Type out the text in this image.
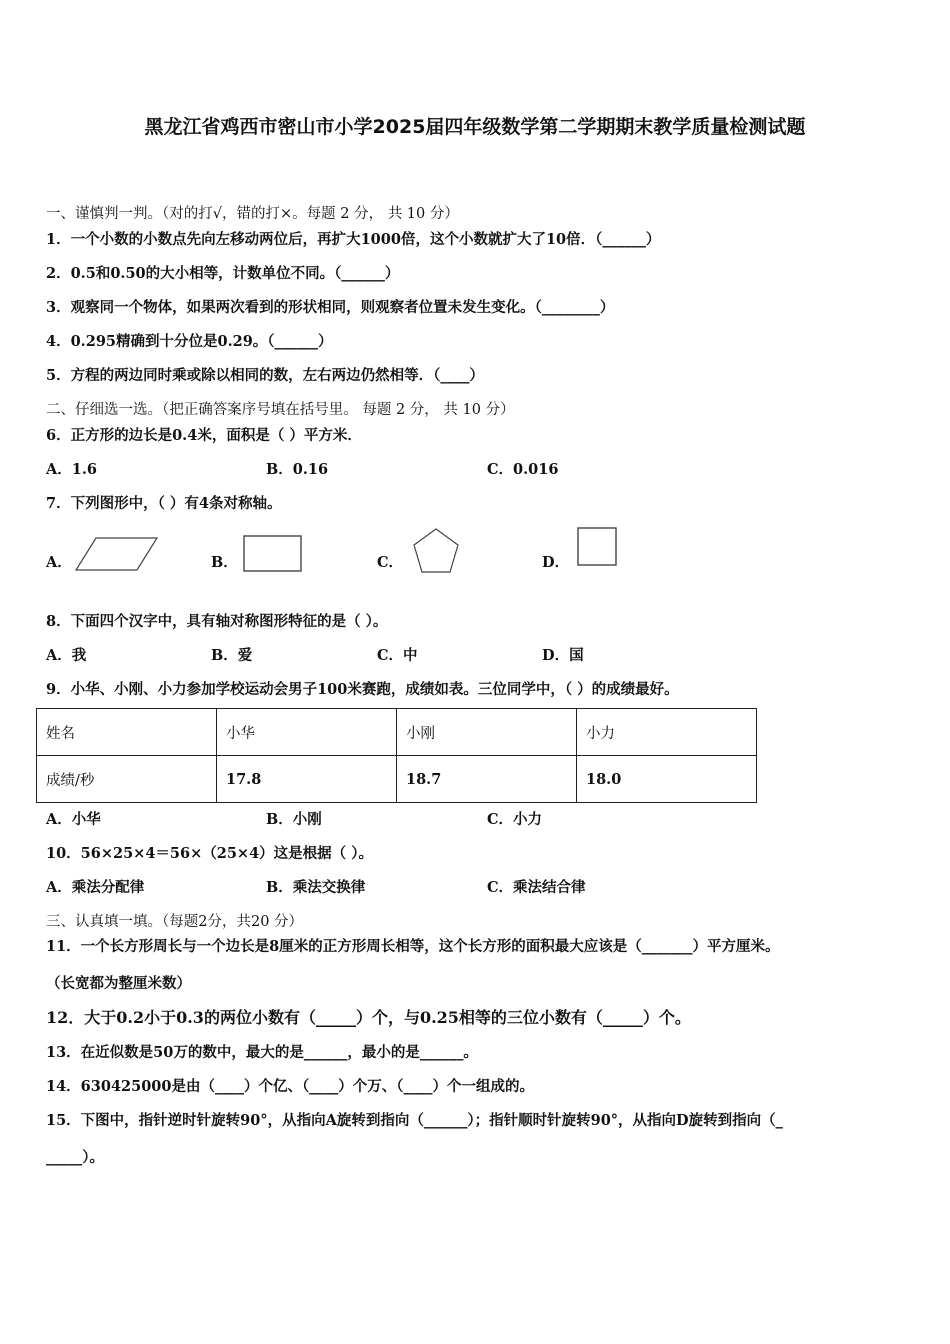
黑龙江省鸡西市密山市小学2025届四年级数学第二学期期末教学质量检测试题
一、谨慎判一判。（对的打√，错的打×。每题 2 分， 共 10 分）
1．一个小数的小数点先向左移动两位后，再扩大1000倍，这个小数就扩大了10倍．（______）
2．0.5和0.50的大小相等，计数单位不同。（______）
3．观察同一个物体，如果两次看到的形状相同，则观察者位置未发生变化。（________）
4．0.295精确到十分位是0.29。（______）
5．方程的两边同时乘或除以相同的数，左右两边仍然相等．（____）
二、仔细选一选。（把正确答案序号填在括号里。 每题 2 分， 共 10 分）
6．正方形的边长是0.4米，面积是（ ）平方米．
A．1.6	B．0.16	C．0.016
7．下列图形中，（ ）有4条对称轴。
A．	B．	C．	D．
8．下面四个汉字中，具有轴对称图形特征的是（ ）。
A．我	B．爱	C．中	D．国
9．小华、小刚、小力参加学校运动会男子100米赛跑，成绩如表。三位同学中，（ ）的成绩最好。
姓名	小华	小刚	小力
成绩/秒	17.8	18.7	18.0
A．小华	B．小刚	C．小力
10．56×25×4＝56×（25×4）这是根据（ ）。
A．乘法分配律	B．乘法交换律	C．乘法结合律
三、认真填一填。（每题2分，共20 分）
11．一个长方形周长与一个边长是8厘米的正方形周长相等，这个长方形的面积最大应该是（_______）平方厘米。
（长宽都为整厘米数）
12．大于0.2小于0.3的两位小数有（_____）个，与0.25相等的三位小数有（_____）个。
13．在近似数是50万的数中，最大的是______，最小的是______。
14．630425000是由（____）个亿、（____）个万、（____）个一组成的。
15．下图中，指针逆时针旋转90°，从指向A旋转到指向（______）；指针顺时针旋转90°，从指向D旋转到指向（_
_____）。
